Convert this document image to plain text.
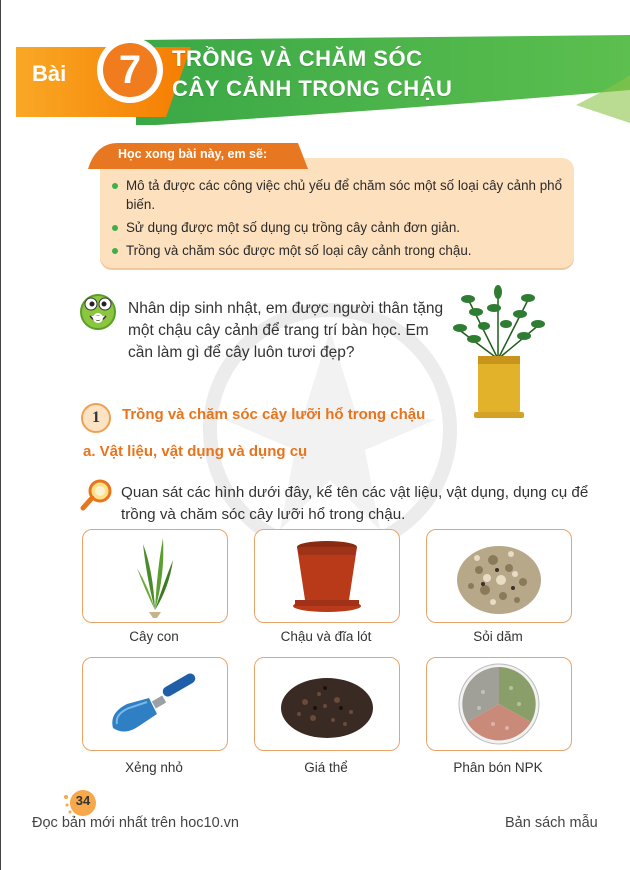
Bài	7	TRỒNG VÀ CHĂM SÓC
CÂY CẢNH TRONG CHẬU
Học xong bài này, em sẽ:
Mô tả được các công việc chủ yếu để chăm sóc một số loại cây cảnh phổ biến.
Sử dụng được một số dụng cụ trồng cây cảnh đơn giản.
Trồng và chăm sóc được một số loại cây cảnh trong chậu.
Nhân dịp sinh nhật, em được người thân tặng một chậu cây cảnh để trang trí bàn học. Em cần làm gì để cây luôn tươi đẹp?
1	Trồng và chăm sóc cây lưỡi hổ trong chậu
a. Vật liệu, vật dụng và dụng cụ
Quan sát các hình dưới đây, kể tên các vật liệu, vật dụng, dụng cụ để trồng và chăm sóc cây lưỡi hổ trong chậu.
Cây con	Chậu và đĩa lót	Sỏi dăm
Xẻng nhỏ	Giá thể	Phân bón NPK
34
Đọc bản mới nhất trên hoc10.vn	Bản sách mẫu
